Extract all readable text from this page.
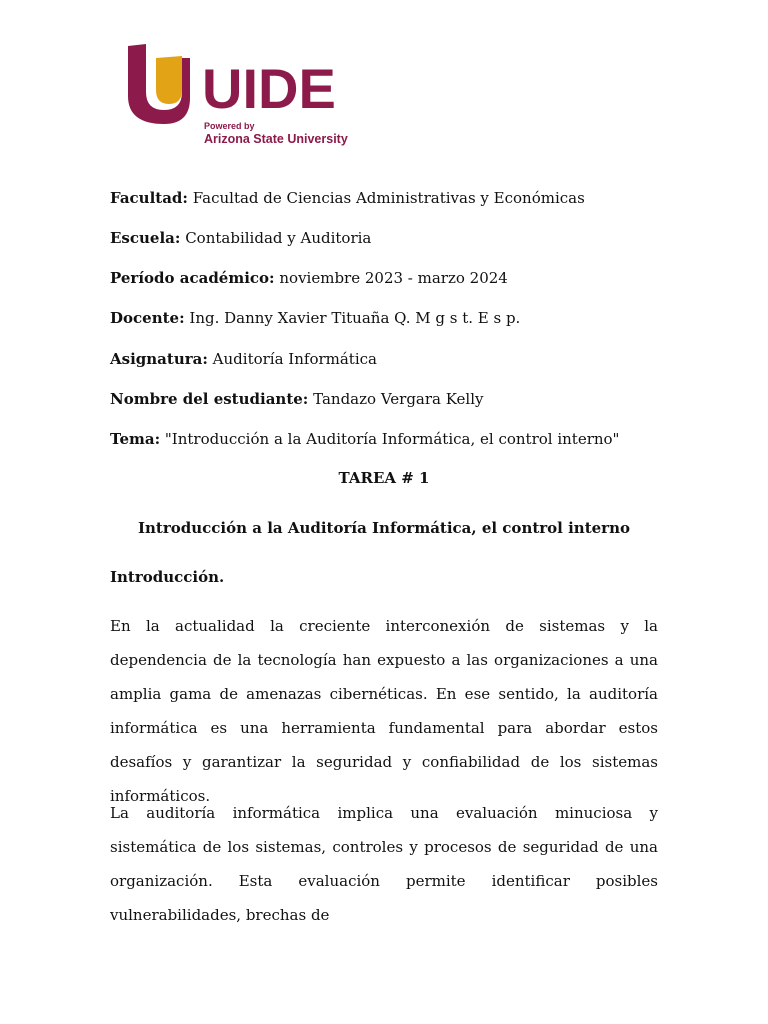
UIDE
Powered by
Arizona State University
Facultad: Facultad de Ciencias Administrativas y Económicas
Escuela: Contabilidad y Auditoria
Período académico: noviembre 2023 - marzo 2024
Docente: Ing. Danny Xavier Tituaña Q. M g s t. E s p.
Asignatura: Auditoría Informática
Nombre del estudiante: Tandazo Vergara Kelly
Tema: "Introducción a la Auditoría Informática, el control interno"
TAREA # 1
Introducción a la Auditoría Informática, el control interno
Introducción.

En la actualidad la creciente interconexión de sistemas y la dependencia de la tecnología han expuesto a las organizaciones a una amplia gama de amenazas cibernéticas. En ese sentido, la auditoría informática es una herramienta fundamental para abordar estos desafíos y garantizar la seguridad y confiabilidad de los sistemas informáticos.

La auditoría informática implica una evaluación minuciosa y sistemática de los sistemas, controles y procesos de seguridad de una organización. Esta evaluación permite identificar posibles vulnerabilidades, brechas de
